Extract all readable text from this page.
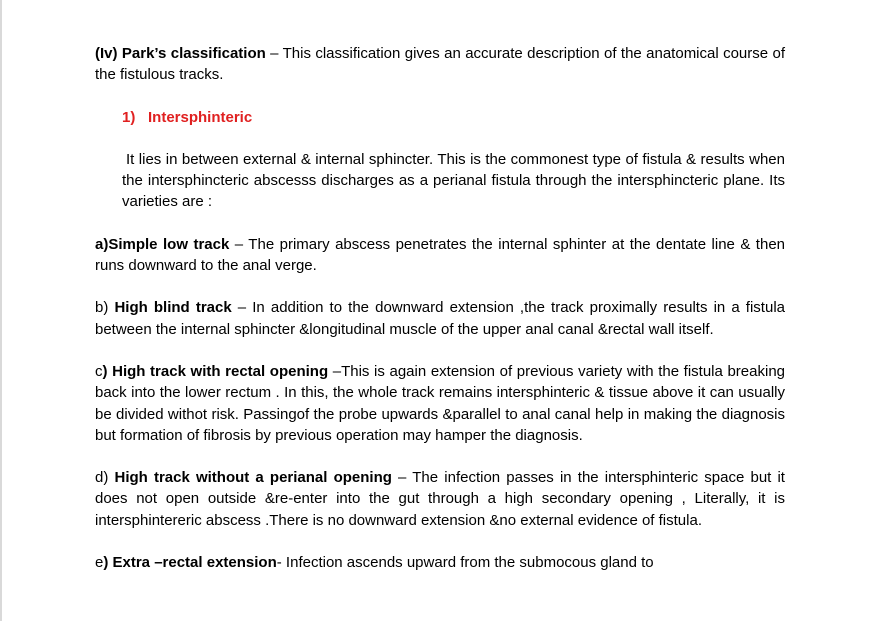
(Iv) Park’s classification – This classification gives an accurate description of the anatomical course of the fistulous tracks.

1) Intersphinteric

It lies in between external & internal sphincter. This is the commonest type of fistula & results when the intersphincteric abscesss discharges as a perianal fistula through the intersphincteric plane. Its varieties are :

a)Simple low track – The primary abscess penetrates the internal sphinter at the dentate line & then runs downward to the anal verge.

b) High blind track – In addition to the downward extension ,the track proximally results in a fistula between the internal sphincter &longitudinal muscle of the upper anal canal &rectal wall itself.

c) High track with rectal opening –This is again extension of previous variety with the fistula breaking back into the lower rectum . In this, the whole track remains intersphinteric & tissue above it can usually be divided withot risk. Passingof the probe upwards &parallel to anal canal help in making the diagnosis but formation of fibrosis by previous operation may hamper the diagnosis.

d) High track without a perianal opening – The infection passes in the intersphinteric space but it does not open outside &re-enter into the gut through a high secondary opening , Literally, it is intersphintereric abscess .There is no downward extension &no external evidence of fistula.

e) Extra –rectal extension- Infection ascends upward from the submocous gland to
